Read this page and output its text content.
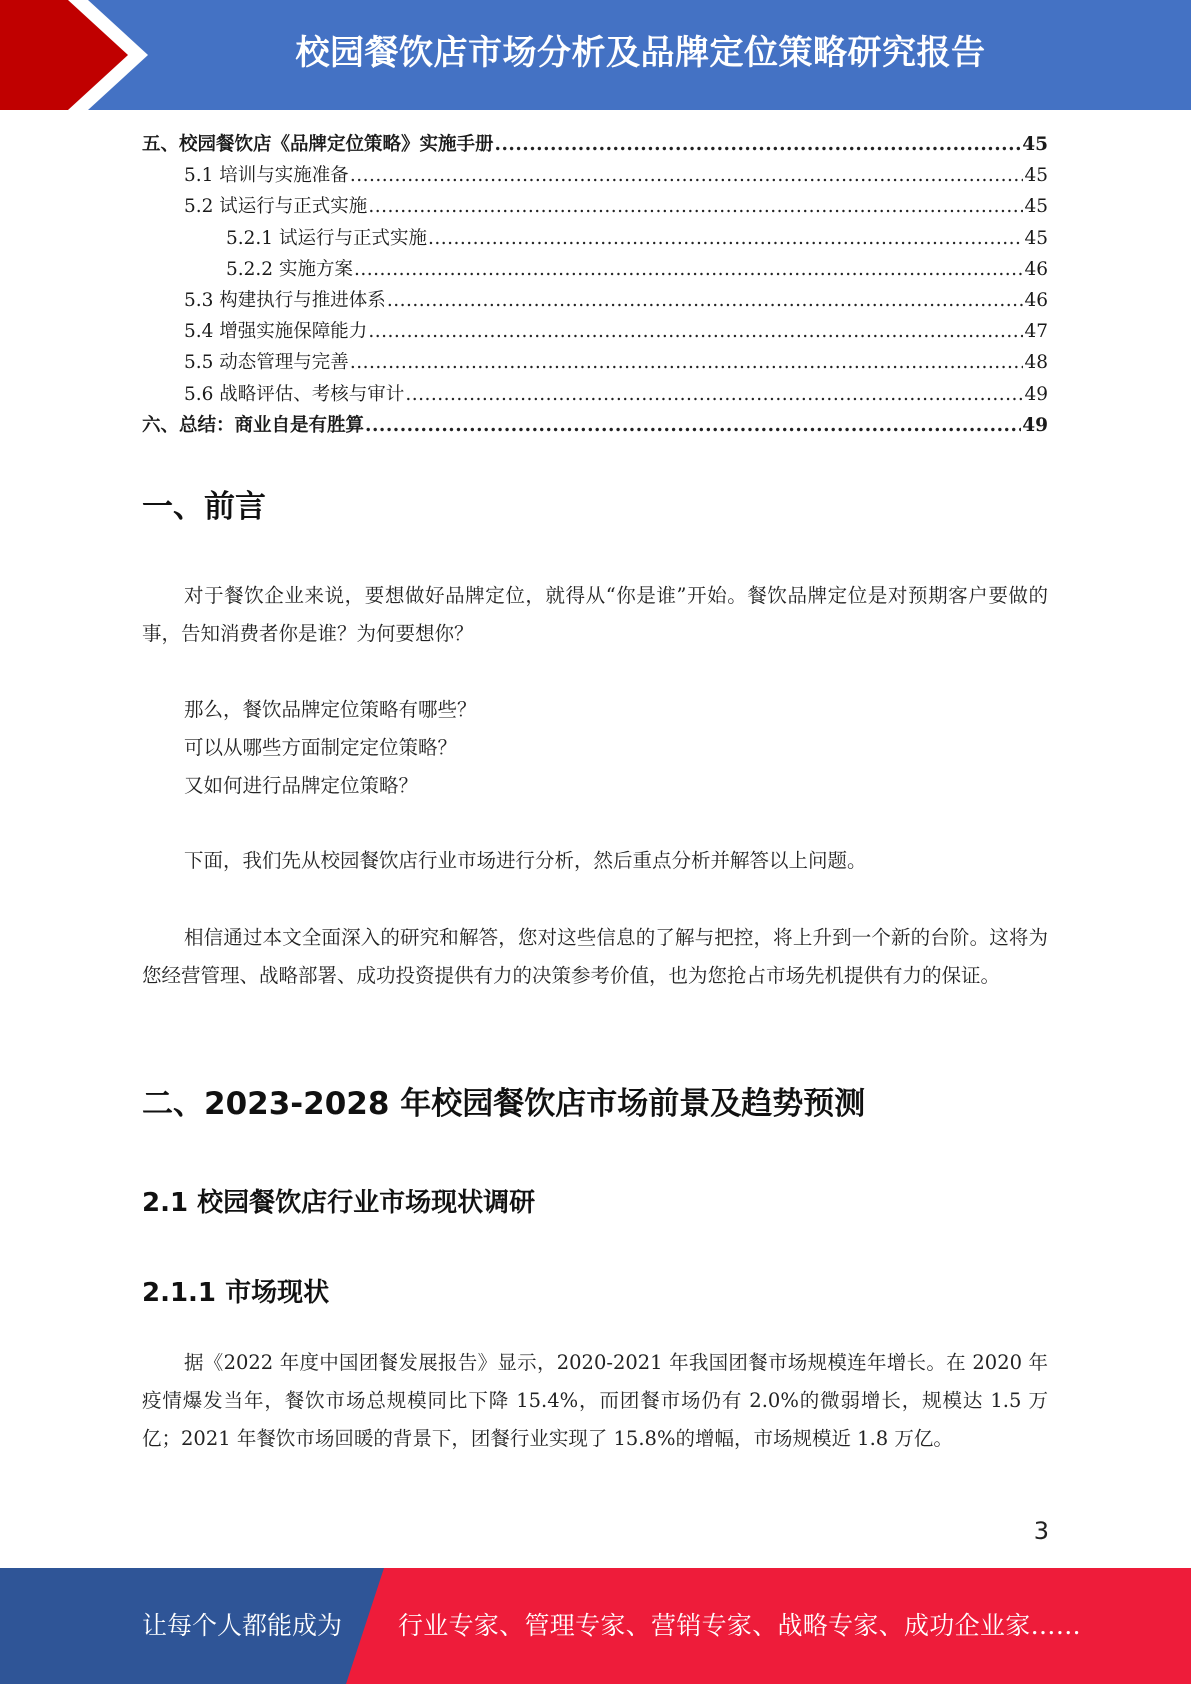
校园餐饮店市场分析及品牌定位策略研究报告
五、校园餐饮店《品牌定位策略》实施手册 .....	45
5.1 培训与实施准备 .....	45
5.2 试运行与正式实施 .....	45
5.2.1 试运行与正式实施 .....	45
5.2.2 实施方案 .....	46
5.3 构建执行与推进体系 .....	46
5.4 增强实施保障能力 .....	47
5.5 动态管理与完善 .....	48
5.6 战略评估、考核与审计 .....	49
六、总结：商业自是有胜算 .....	49
一、前言
对于餐饮企业来说，要想做好品牌定位，就得从“你是谁”开始。餐饮品牌定位是对预期客户要做的事，告知消费者你是谁？为何要想你？
那么，餐饮品牌定位策略有哪些？
可以从哪些方面制定定位策略？
又如何进行品牌定位策略？
下面，我们先从校园餐饮店行业市场进行分析，然后重点分析并解答以上问题。
相信通过本文全面深入的研究和解答，您对这些信息的了解与把控，将上升到一个新的台阶。这将为您经营管理、战略部署、成功投资提供有力的决策参考价值，也为您抢占市场先机提供有力的保证。
二、2023-2028 年校园餐饮店市场前景及趋势预测
2.1 校园餐饮店行业市场现状调研
2.1.1 市场现状
据《2022 年度中国团餐发展报告》显示，2020-2021 年我国团餐市场规模连年增长。在 2020 年疫情爆发当年，餐饮市场总规模同比下降 15.4%，而团餐市场仍有 2.0%的微弱增长，规模达 1.5 万亿；2021 年餐饮市场回暖的背景下，团餐行业实现了 15.8%的增幅，市场规模近 1.8 万亿。
3
让每个人都能成为 行业专家、管理专家、营销专家、战略专家、成功企业家……
